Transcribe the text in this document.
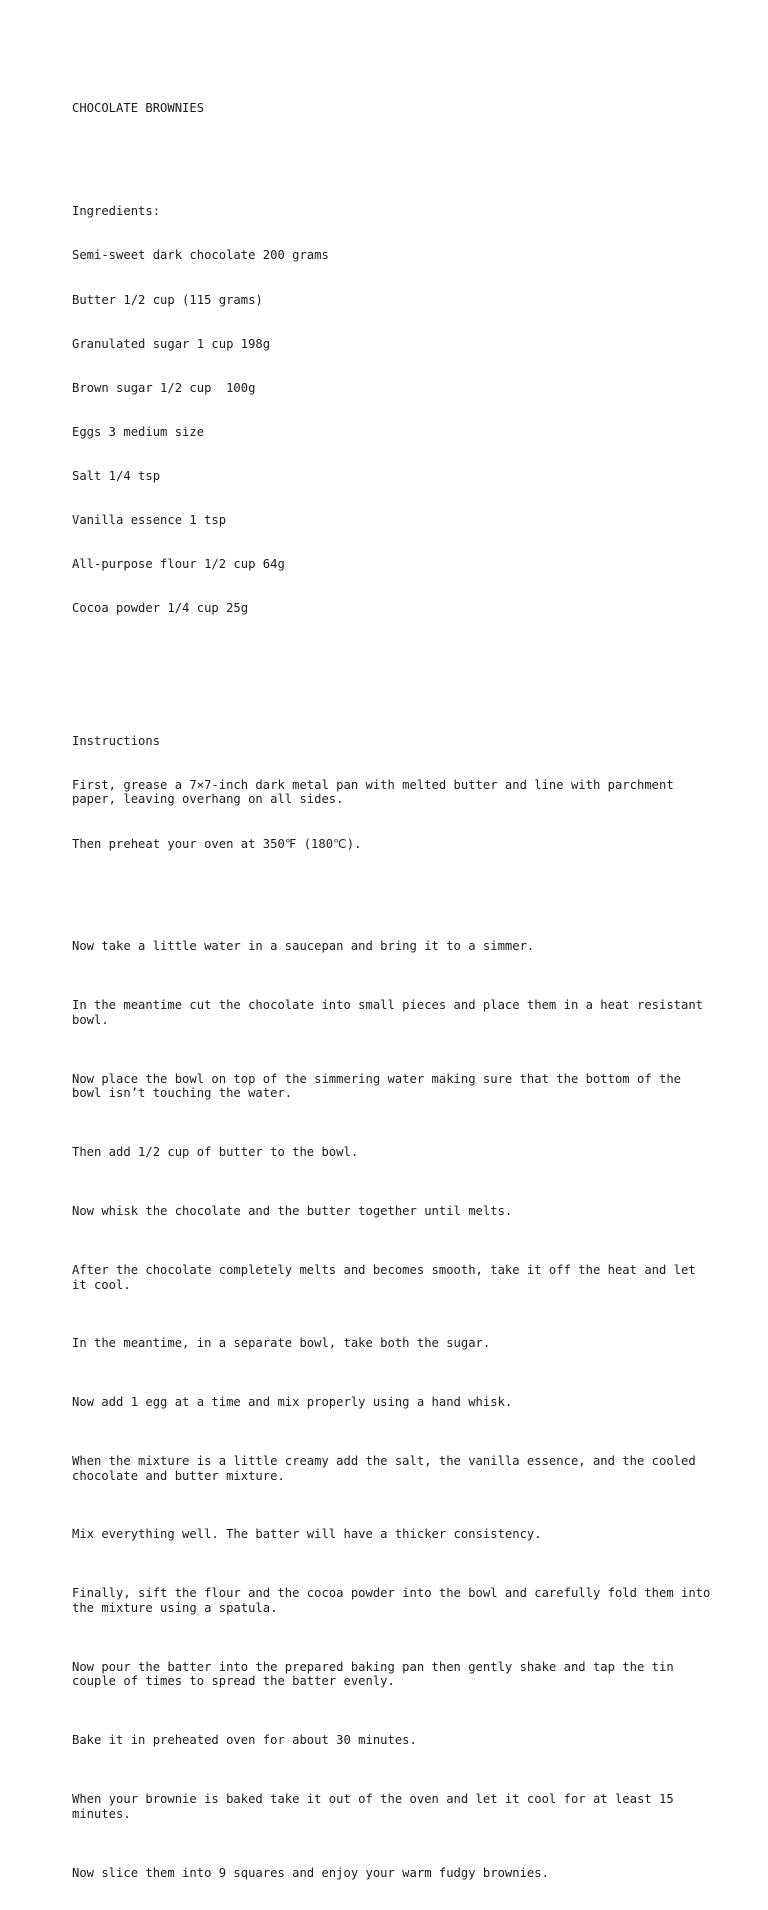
CHOCOLATE BROWNIES

Ingredients:

Semi-sweet dark chocolate 200 grams

Butter 1/2 cup (115 grams)

Granulated sugar 1 cup 198g

Brown sugar 1/2 cup  100g

Eggs 3 medium size

Salt 1/4 tsp

Vanilla essence 1 tsp

All-purpose flour 1/2 cup 64g

Cocoa powder 1/4 cup 25g

Instructions

First, grease a 7×7-inch dark metal pan with melted butter and line with parchment paper, leaving overhang on all sides.

Then preheat your oven at 350℉ (180℃).

Now take a little water in a saucepan and bring it to a simmer.

In the meantime cut the chocolate into small pieces and place them in a heat resistant bowl.

Now place the bowl on top of the simmering water making sure that the bottom of the bowl isn’t touching the water.

Then add 1/2 cup of butter to the bowl.

Now whisk the chocolate and the butter together until melts.

After the chocolate completely melts and becomes smooth, take it off the heat and let it cool.

In the meantime, in a separate bowl, take both the sugar.

Now add 1 egg at a time and mix properly using a hand whisk.

When the mixture is a little creamy add the salt, the vanilla essence, and the cooled chocolate and butter mixture.

Mix everything well. The batter will have a thicker consistency.

Finally, sift the flour and the cocoa powder into the bowl and carefully fold them into the mixture using a spatula.

Now pour the batter into the prepared baking pan then gently shake and tap the tin couple of times to spread the batter evenly.

Bake it in preheated oven for about 30 minutes.

When your brownie is baked take it out of the oven and let it cool for at least 15 minutes.

Now slice them into 9 squares and enjoy your warm fudgy brownies.
